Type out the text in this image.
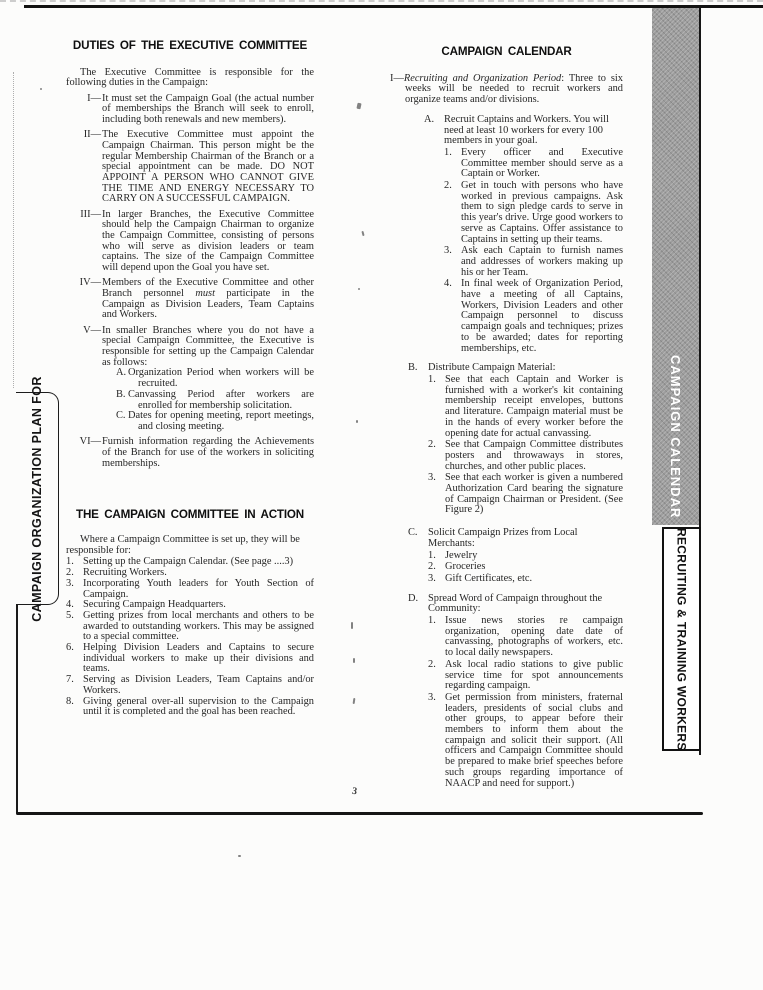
CAMPAIGN ORGANIZATION PLAN FOR	CAMPAIGN CALENDAR
RECRUITING & TRAINING WORKERS
DUTIES OF THE EXECUTIVE COMMITTEE
The Executive Committee is responsible for the following duties in the Campaign:
I— It must set the Campaign Goal (the actual number of memberships the Branch will seek to enroll, including both renewals and new members).
II— The Executive Committee must appoint the Campaign Chairman. This person might be the regular Membership Chairman of the Branch or a special appointment can be made. DO NOT APPOINT A PERSON WHO CANNOT GIVE THE TIME AND ENERGY NECESSARY TO CARRY ON A SUCCESSFUL CAMPAIGN.
III— In larger Branches, the Executive Committee should help the Campaign Chairman to organize the Campaign Committee, consisting of persons who will serve as division leaders or team captains. The size of the Campaign Committee will depend upon the Goal you have set.
IV— Members of the Executive Committee and other Branch personnel must participate in the Campaign as Division Leaders, Team Captains and Workers.
V— In smaller Branches where you do not have a special Campaign Committee, the Executive is responsible for setting up the Campaign Calendar as follows:
A. Organization Period when workers will be recruited.
B. Canvassing Period after workers are enrolled for membership solicitation.
C. Dates for opening meeting, report meetings, and closing meeting.
VI— Furnish information regarding the Achievements of the Branch for use of the workers in soliciting memberships.
THE CAMPAIGN COMMITTEE IN ACTION
Where a Campaign Committee is set up, they will be responsible for:
1. Setting up the Campaign Calendar. (See page ....3)
2. Recruiting Workers.
3. Incorporating Youth leaders for Youth Section of Campaign.
4. Securing Campaign Headquarters.
5. Getting prizes from local merchants and others to be awarded to outstanding workers. This may be assigned to a special committee.
6. Helping Division Leaders and Captains to secure individual workers to make up their divisions and teams.
7. Serving as Division Leaders, Team Captains and/or Workers.
8. Giving general over-all supervision to the Campaign until it is completed and the goal has been reached.
CAMPAIGN CALENDAR
I—Recruiting and Organization Period: Three to six weeks will be needed to recruit workers and organize teams and/or divisions.
A. Recruit Captains and Workers. You will need at least 10 workers for every 100 members in your goal.
1. Every officer and Executive Committee member should serve as a Captain or Worker.
2. Get in touch with persons who have worked in previous campaigns. Ask them to sign pledge cards to serve in this year's drive. Urge good workers to serve as Captains. Offer assistance to Captains in setting up their teams.
3. Ask each Captain to furnish names and addresses of workers making up his or her Team.
4. In final week of Organization Period, have a meeting of all Captains, Workers, Division Leaders and other Campaign personnel to discuss campaign goals and techniques; prizes to be awarded; dates for reporting memberships, etc.
B.	Distribute Campaign Material:
1. See that each Captain and Worker is furnished with a worker's kit containing membership receipt envelopes, buttons and literature. Campaign material must be in the hands of every worker before the opening date for actual canvassing.
2. See that Campaign Committee distributes posters and throwaways in stores, churches, and other public places.
3. See that each worker is given a numbered Authorization Card bearing the signature of Campaign Chairman or President. (See Figure 2)
C.	Solicit Campaign Prizes from Local Merchants:
1. Jewelry
2. Groceries
3. Gift Certificates, etc.
D. Spread Word of Campaign throughout the Community:
1. Issue news stories re campaign organization, opening date date of canvassing, photographs of workers, etc. to local daily newspapers.
2. Ask local radio stations to give public service time for spot announcements regarding campaign.
3. Get permission from ministers, fraternal leaders, presidents of social clubs and other groups, to appear before their members to inform them about the campaign and solicit their support. (All officers and Campaign Committee should be prepared to make brief speeches before such groups regarding importance of NAACP and need for support.)
3
